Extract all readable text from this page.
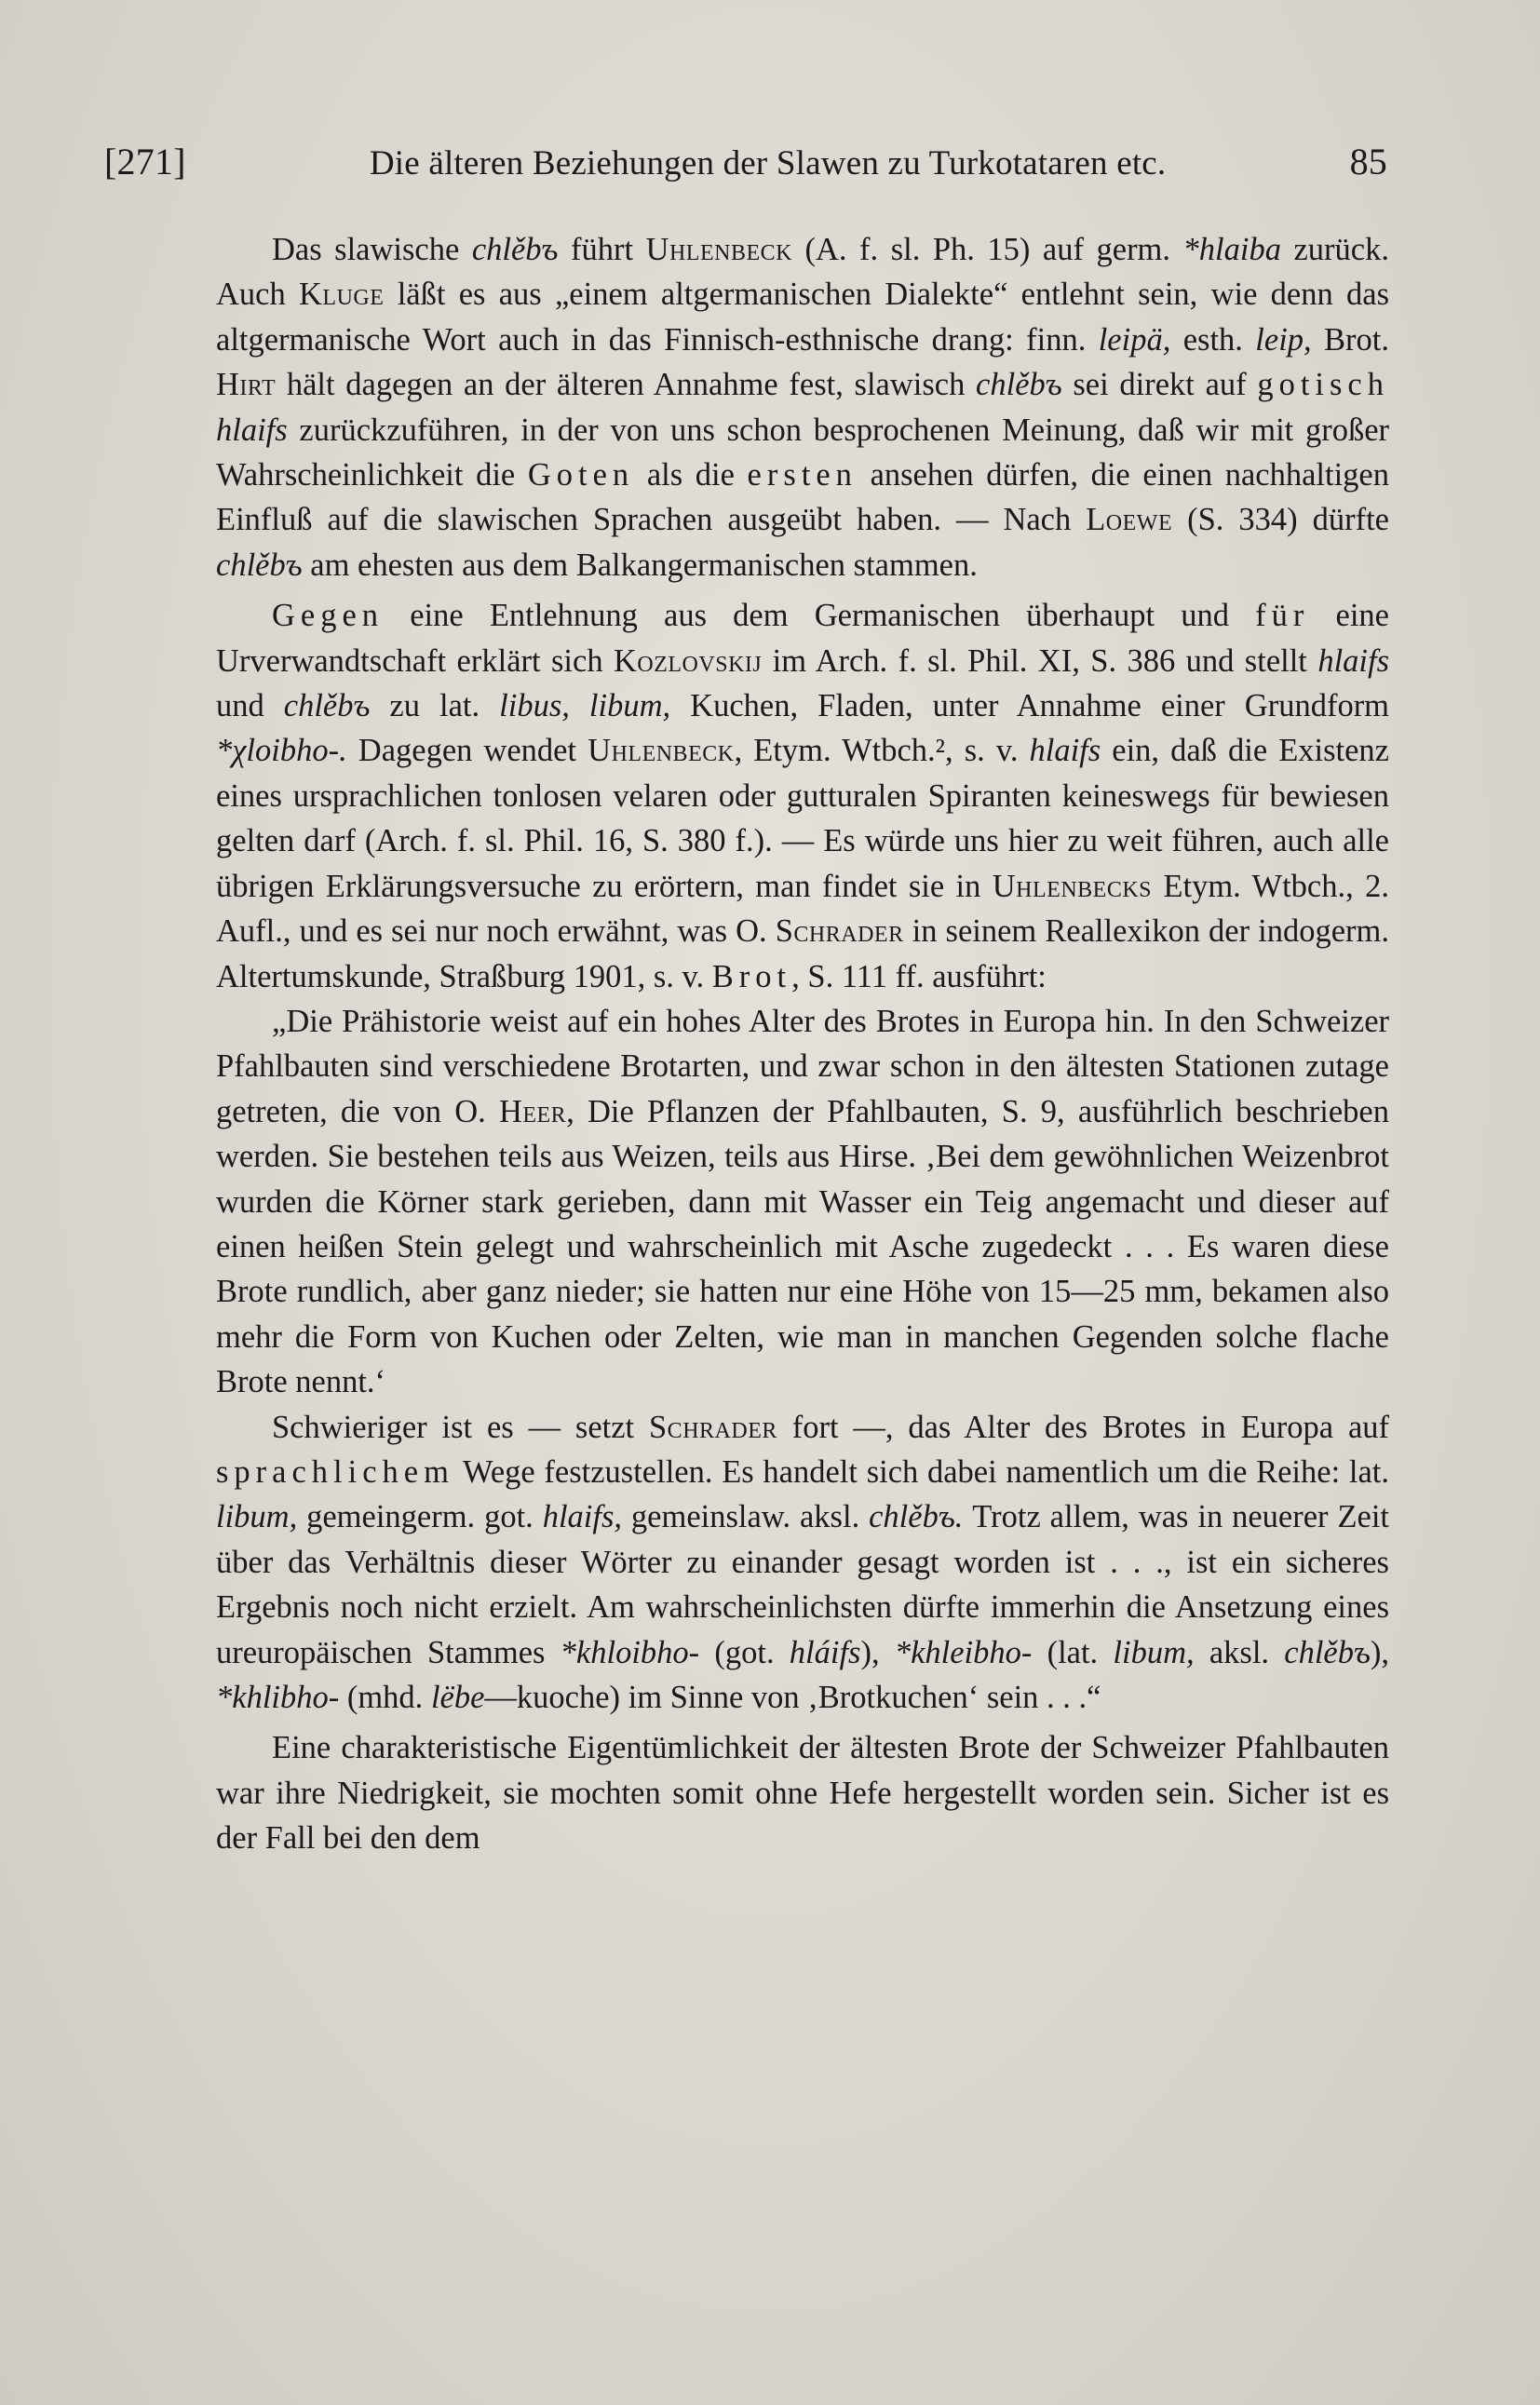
[271]	Die älteren Beziehungen der Slawen zu Turkotataren etc.	85

Das slawische chlěbъ führt Uhlenbeck (A. f. sl. Ph. 15) auf germ. *hlaiba zurück. Auch Kluge läßt es aus „einem altgermanischen Dialekte“ entlehnt sein, wie denn das altgermanische Wort auch in das Finnisch-esthnische drang: finn. leipä, esth. leip, Brot. Hirt hält dagegen an der älteren Annahme fest, slawisch chlěbъ sei direkt auf gotisch hlaifs zurückzuführen, in der von uns schon besprochenen Meinung, daß wir mit großer Wahrscheinlichkeit die Goten als die ersten ansehen dürfen, die einen nachhaltigen Einfluß auf die slawischen Sprachen ausgeübt haben. — Nach Loewe (S. 334) dürfte chlěbъ am ehesten aus dem Balkangermanischen stammen.

Gegen eine Entlehnung aus dem Germanischen überhaupt und für eine Urverwandtschaft erklärt sich Kozlovskij im Arch. f. sl. Phil. XI, S. 386 und stellt hlaifs und chlěbъ zu lat. libus, libum, Kuchen, Fladen, unter Annahme einer Grundform *χloibho-. Dagegen wendet Uhlenbeck, Etym. Wtbch.², s. v. hlaifs ein, daß die Existenz eines ursprachlichen tonlosen velaren oder gutturalen Spiranten keineswegs für bewiesen gelten darf (Arch. f. sl. Phil. 16, S. 380 f.). — Es würde uns hier zu weit führen, auch alle übrigen Erklärungsversuche zu erörtern, man findet sie in Uhlenbecks Etym. Wtbch., 2. Aufl., und es sei nur noch erwähnt, was O. Schrader in seinem Reallexikon der indogerm. Altertumskunde, Straßburg 1901, s. v. Brot, S. 111 ff. ausführt:

„Die Prähistorie weist auf ein hohes Alter des Brotes in Europa hin. In den Schweizer Pfahlbauten sind verschiedene Brotarten, und zwar schon in den ältesten Stationen zutage getreten, die von O. Heer, Die Pflanzen der Pfahlbauten, S. 9, ausführlich beschrieben werden. Sie bestehen teils aus Weizen, teils aus Hirse. ‚Bei dem gewöhnlichen Weizenbrot wurden die Körner stark gerieben, dann mit Wasser ein Teig angemacht und dieser auf einen heißen Stein gelegt und wahrscheinlich mit Asche zugedeckt . . . Es waren diese Brote rundlich, aber ganz nieder; sie hatten nur eine Höhe von 15—25 mm, bekamen also mehr die Form von Kuchen oder Zelten, wie man in manchen Gegenden solche flache Brote nennt.‘

Schwieriger ist es — setzt Schrader fort —, das Alter des Brotes in Europa auf sprachlichem Wege festzustellen. Es handelt sich dabei namentlich um die Reihe: lat. libum, gemeingerm. got. hlaifs, gemeinslaw. aksl. chlěbъ. Trotz allem, was in neuerer Zeit über das Verhältnis dieser Wörter zu einander gesagt worden ist . . ., ist ein sicheres Ergebnis noch nicht erzielt. Am wahrscheinlichsten dürfte immerhin die Ansetzung eines ureuropäischen Stammes *khloibho- (got. hláifs), *khleibho- (lat. libum, aksl. chlěbъ), *khlibho- (mhd. lëbe—kuoche) im Sinne von ‚Brotkuchen‘ sein . . .“

Eine charakteristische Eigentümlichkeit der ältesten Brote der Schweizer Pfahlbauten war ihre Niedrigkeit, sie mochten somit ohne Hefe hergestellt worden sein. Sicher ist es der Fall bei den dem
